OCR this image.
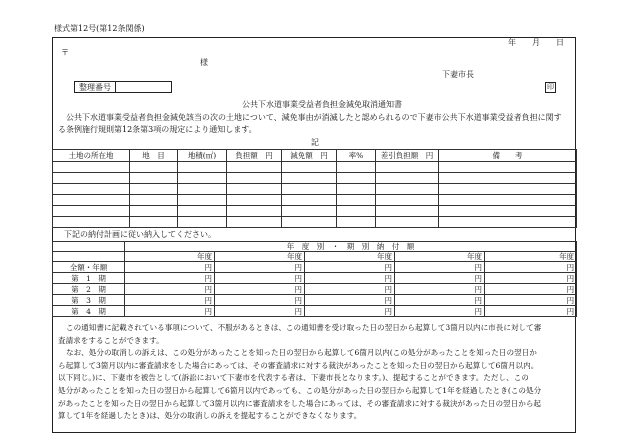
様式第12号(第12条関係)
年　　月　　日
〒
様
整理番号
下妻市長
印
公共下水道事業受益者負担金減免取消通知書
公共下水道事業受益者負担金減免該当の次の土地について、減免事由が消滅したと認められるので下妻市公共下水道事業受益者負担に関す
る条例施行規則第12条第3項の規定により通知します。
記
土地の所在地	地　目	地積(㎡)	負担額　円	減免額　円	率%	差引負担額　円	備　　考

下記の納付計画に従い納入してください。
	年　度　別　・　期　別　納　付　額				
	年度	年度	年度	年度	年度
全額・年額	円	円	円	円	円
第　1　期	円	円	円	円	円
第　2　期	円	円	円	円	円
第　3　期	円	円	円	円	円
第　4　期	円	円	円	円	円
この通知書に記載されている事項について、不服があるときは、この通知書を受け取った日の翌日から起算して3箇月以内に市長に対して審
査請求をすることができます。
なお、処分の取消しの訴えは、この処分があったことを知った日の翌日から起算して6箇月以内(この処分があったことを知った日の翌日か
ら起算して3箇月以内に審査請求をした場合にあっては、その審査請求に対する裁決があったことを知った日の翌日から起算して6箇月以内。
以下同じ。)に、下妻市を被告として(訴訟において下妻市を代表する者は、下妻市長となります。)、提起することができます。ただし、この
処分があったことを知った日の翌日から起算して6箇月以内であっても、この処分があった日の翌日から起算して1年を経過したとき(この処分
があったことを知った日の翌日から起算して3箇月以内に審査請求をした場合にあっては、その審査請求に対する裁決があった日の翌日から起
算して1年を経過したとき)は、処分の取消しの訴えを提起することができなくなります。
